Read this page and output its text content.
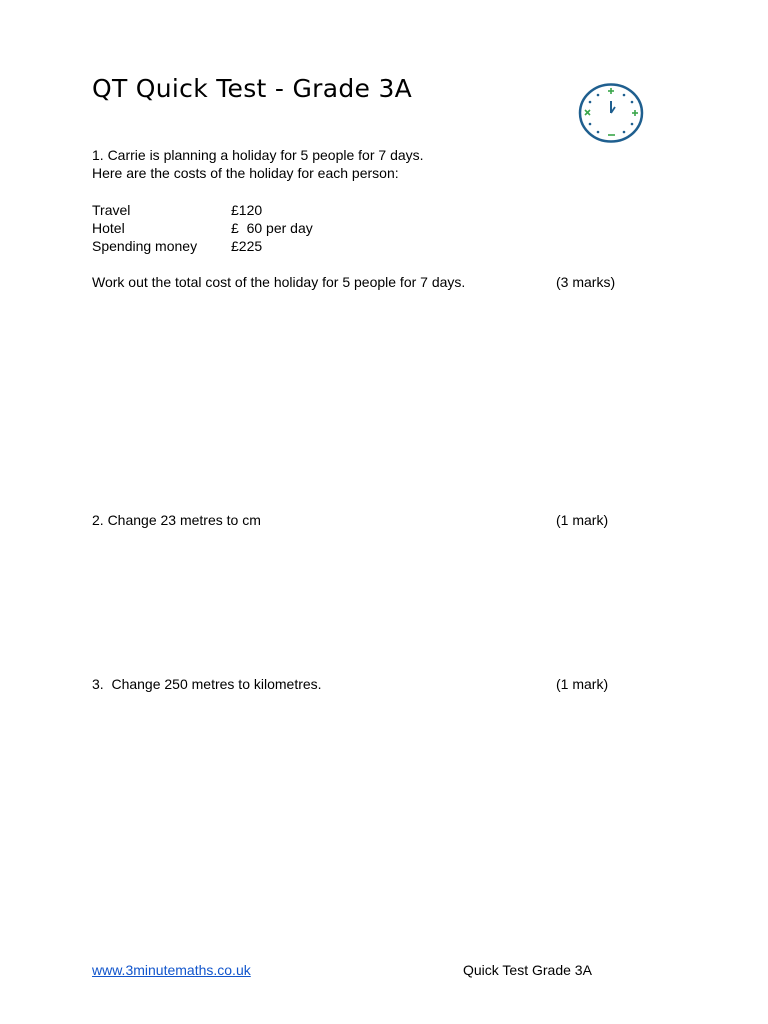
QT Quick Test - Grade 3A
1. Carrie is planning a holiday for 5 people for 7 days.
Here are the costs of the holiday for each person:
Travel	£120
Hotel	£  60 per day
Spending money £225
Work out the total cost of the holiday for 5 people for 7 days.	(3 marks)
2. Change 23 metres to cm	(1 mark)
3.  Change 250 metres to kilometres.	(1 mark)
www.3minutemaths.co.uk	Quick Test Grade 3A
